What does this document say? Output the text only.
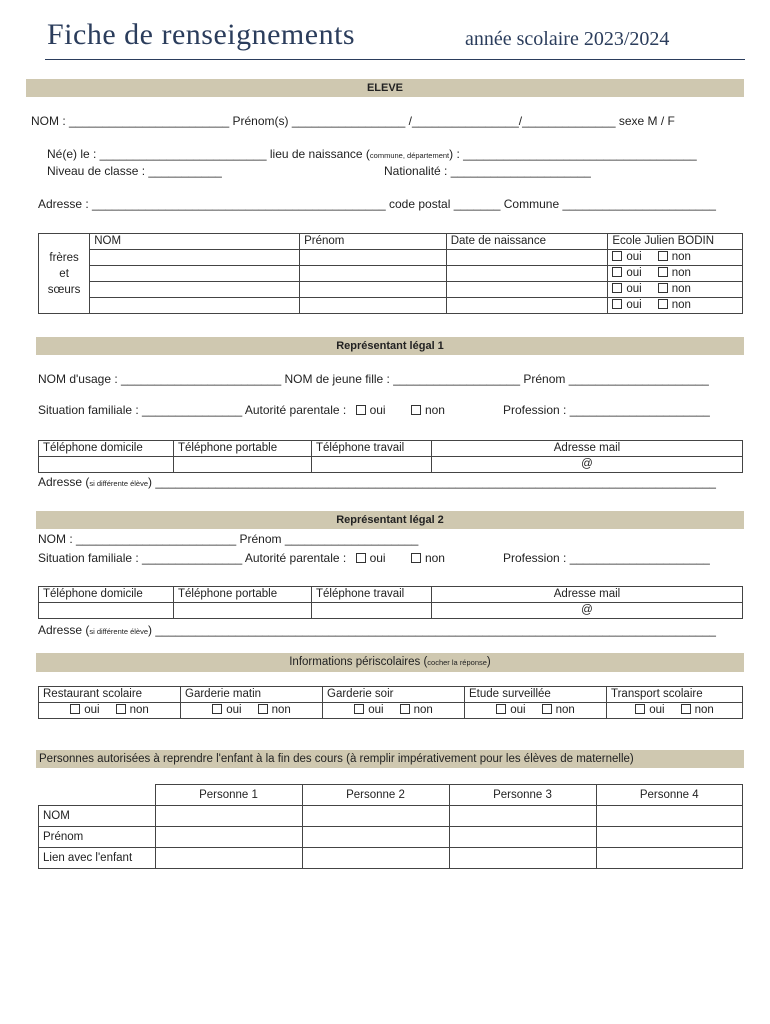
Fiche de renseignements	année scolaire 2023/2024
ELEVE
NOM : ________________________ Prénom(s) _________________ /________________/______________ sexe M / F
Né(e) le : _________________________ lieu de naissance (commune, département) : ___________________________________
Niveau de classe : ___________	Nationalité : _____________________
Adresse : ____________________________________________ code postal _______ Commune _______________________
frères
et
sœurs	NOM	Prénom	Date de naissance	Ecole Julien BODIN
				oui non
				oui non
				oui non
				oui non
Représentant légal 1
NOM d'usage : ________________________ NOM de jeune fille : ___________________ Prénom _____________________
Situation familiale : _______________ Autorité parentale : oui	non	Profession : _____________________
Téléphone domicile	Téléphone portable	Téléphone travail	Adresse mail
			@
Adresse (si différente élève) ____________________________________________________________________________________
Représentant légal 2
NOM : ________________________ Prénom ____________________
Situation familiale : _______________ Autorité parentale : oui	non	Profession : _____________________
Téléphone domicile	Téléphone portable	Téléphone travail	Adresse mail
			@
Adresse (si différente élève) ____________________________________________________________________________________
Informations périscolaires (cocher la réponse)
Restaurant scolaire	Garderie matin	Garderie soir	Etude surveillée	Transport scolaire
oui non	oui non	oui non	oui non	oui non
Personnes autorisées à reprendre l'enfant à la fin des cours (à remplir impérativement pour les élèves de maternelle)
	Personne 1	Personne 2	Personne 3	Personne 4
NOM				
Prénom				
Lien avec l'enfant				
